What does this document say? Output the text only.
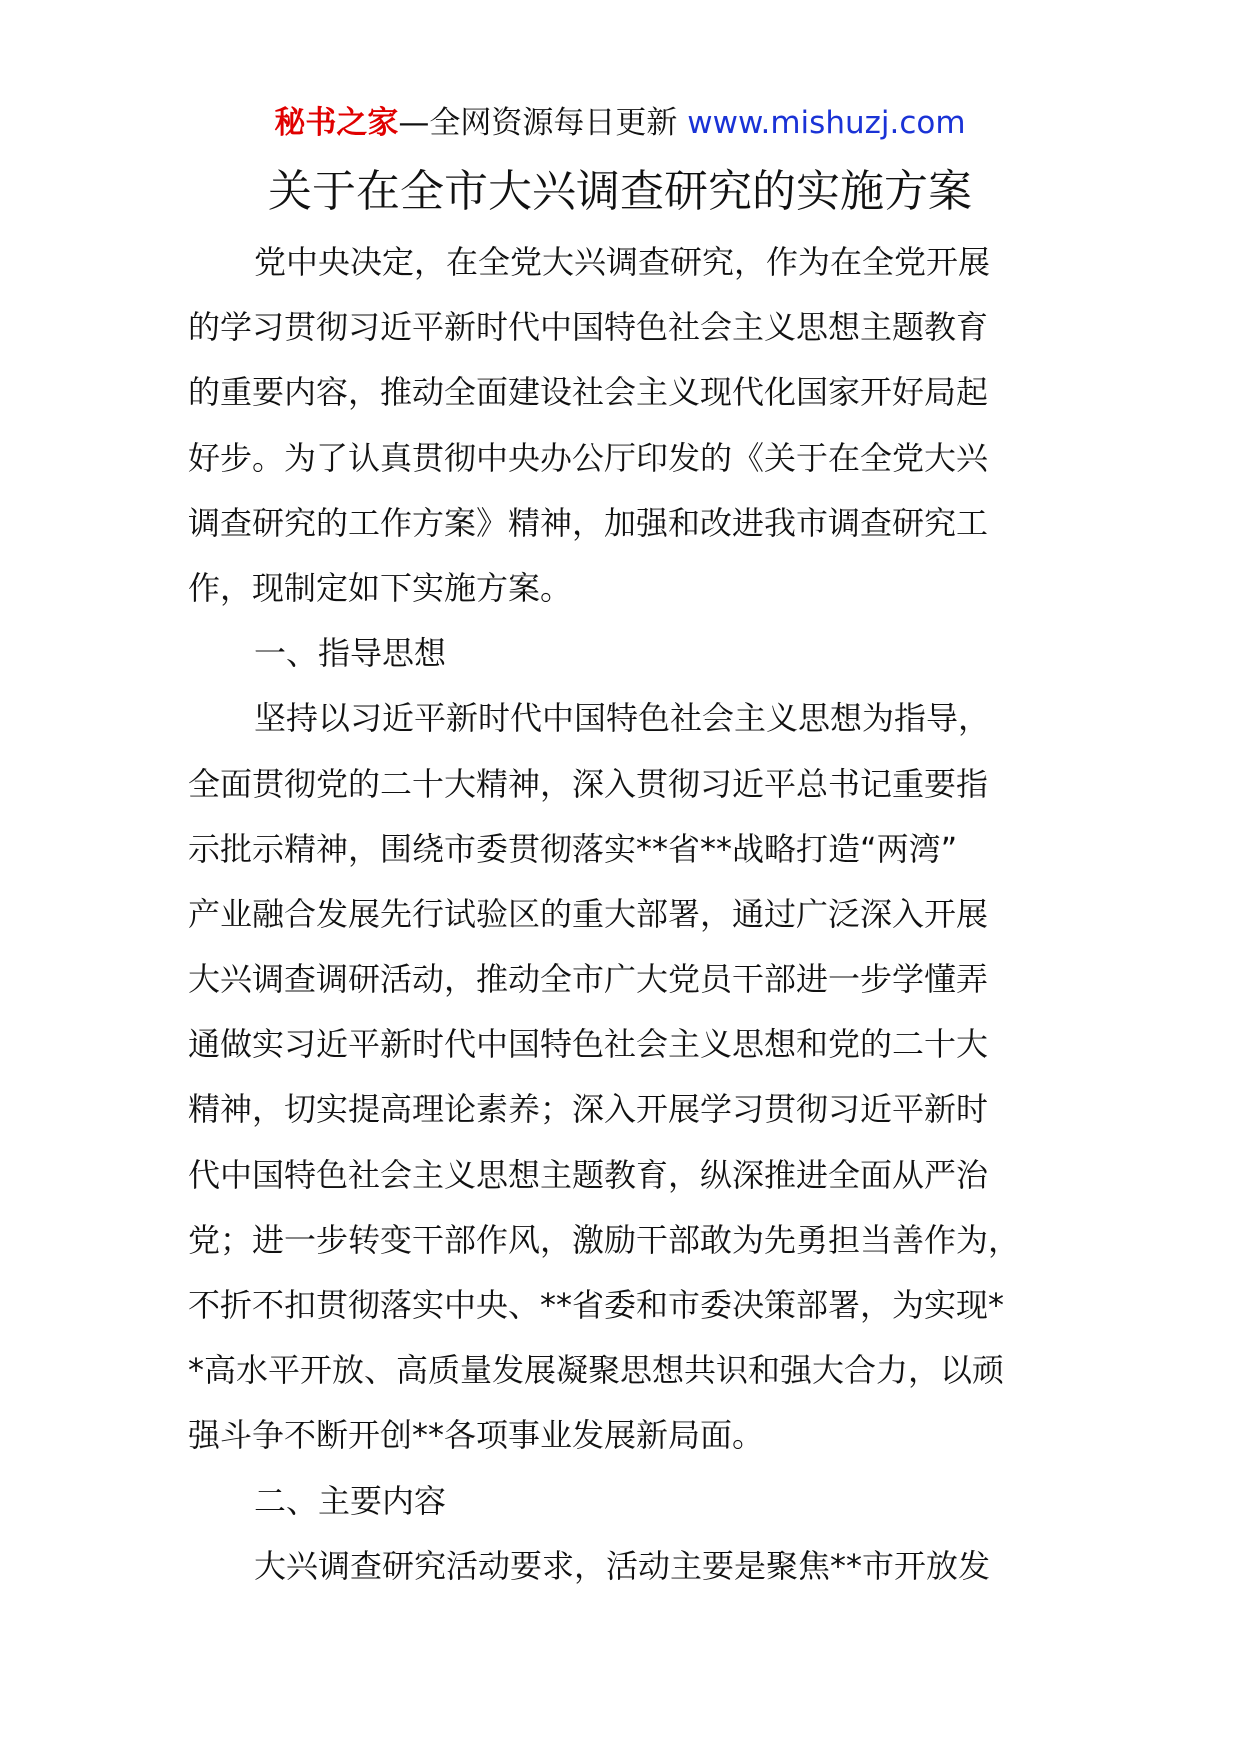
秘书之家—全网资源每日更新 www.mishuzj.com
关于在全市大兴调查研究的实施方案
党中央决定，在全党大兴调查研究，作为在全党开展
的学习贯彻习近平新时代中国特色社会主义思想主题教育
的重要内容，推动全面建设社会主义现代化国家开好局起
好步。为了认真贯彻中央办公厅印发的《关于在全党大兴
调查研究的工作方案》精神，加强和改进我市调查研究工
作，现制定如下实施方案。
一、指导思想
坚持以习近平新时代中国特色社会主义思想为指导，
全面贯彻党的二十大精神，深入贯彻习近平总书记重要指
示批示精神，围绕市委贯彻落实**省**战略打造“两湾”
产业融合发展先行试验区的重大部署，通过广泛深入开展
大兴调查调研活动，推动全市广大党员干部进一步学懂弄
通做实习近平新时代中国特色社会主义思想和党的二十大
精神，切实提高理论素养；深入开展学习贯彻习近平新时
代中国特色社会主义思想主题教育，纵深推进全面从严治
党；进一步转变干部作风，激励干部敢为先勇担当善作为，
不折不扣贯彻落实中央、**省委和市委决策部署，为实现*
*高水平开放、高质量发展凝聚思想共识和强大合力，以顽
强斗争不断开创**各项事业发展新局面。
二、主要内容
大兴调查研究活动要求，活动主要是聚焦**市开放发
